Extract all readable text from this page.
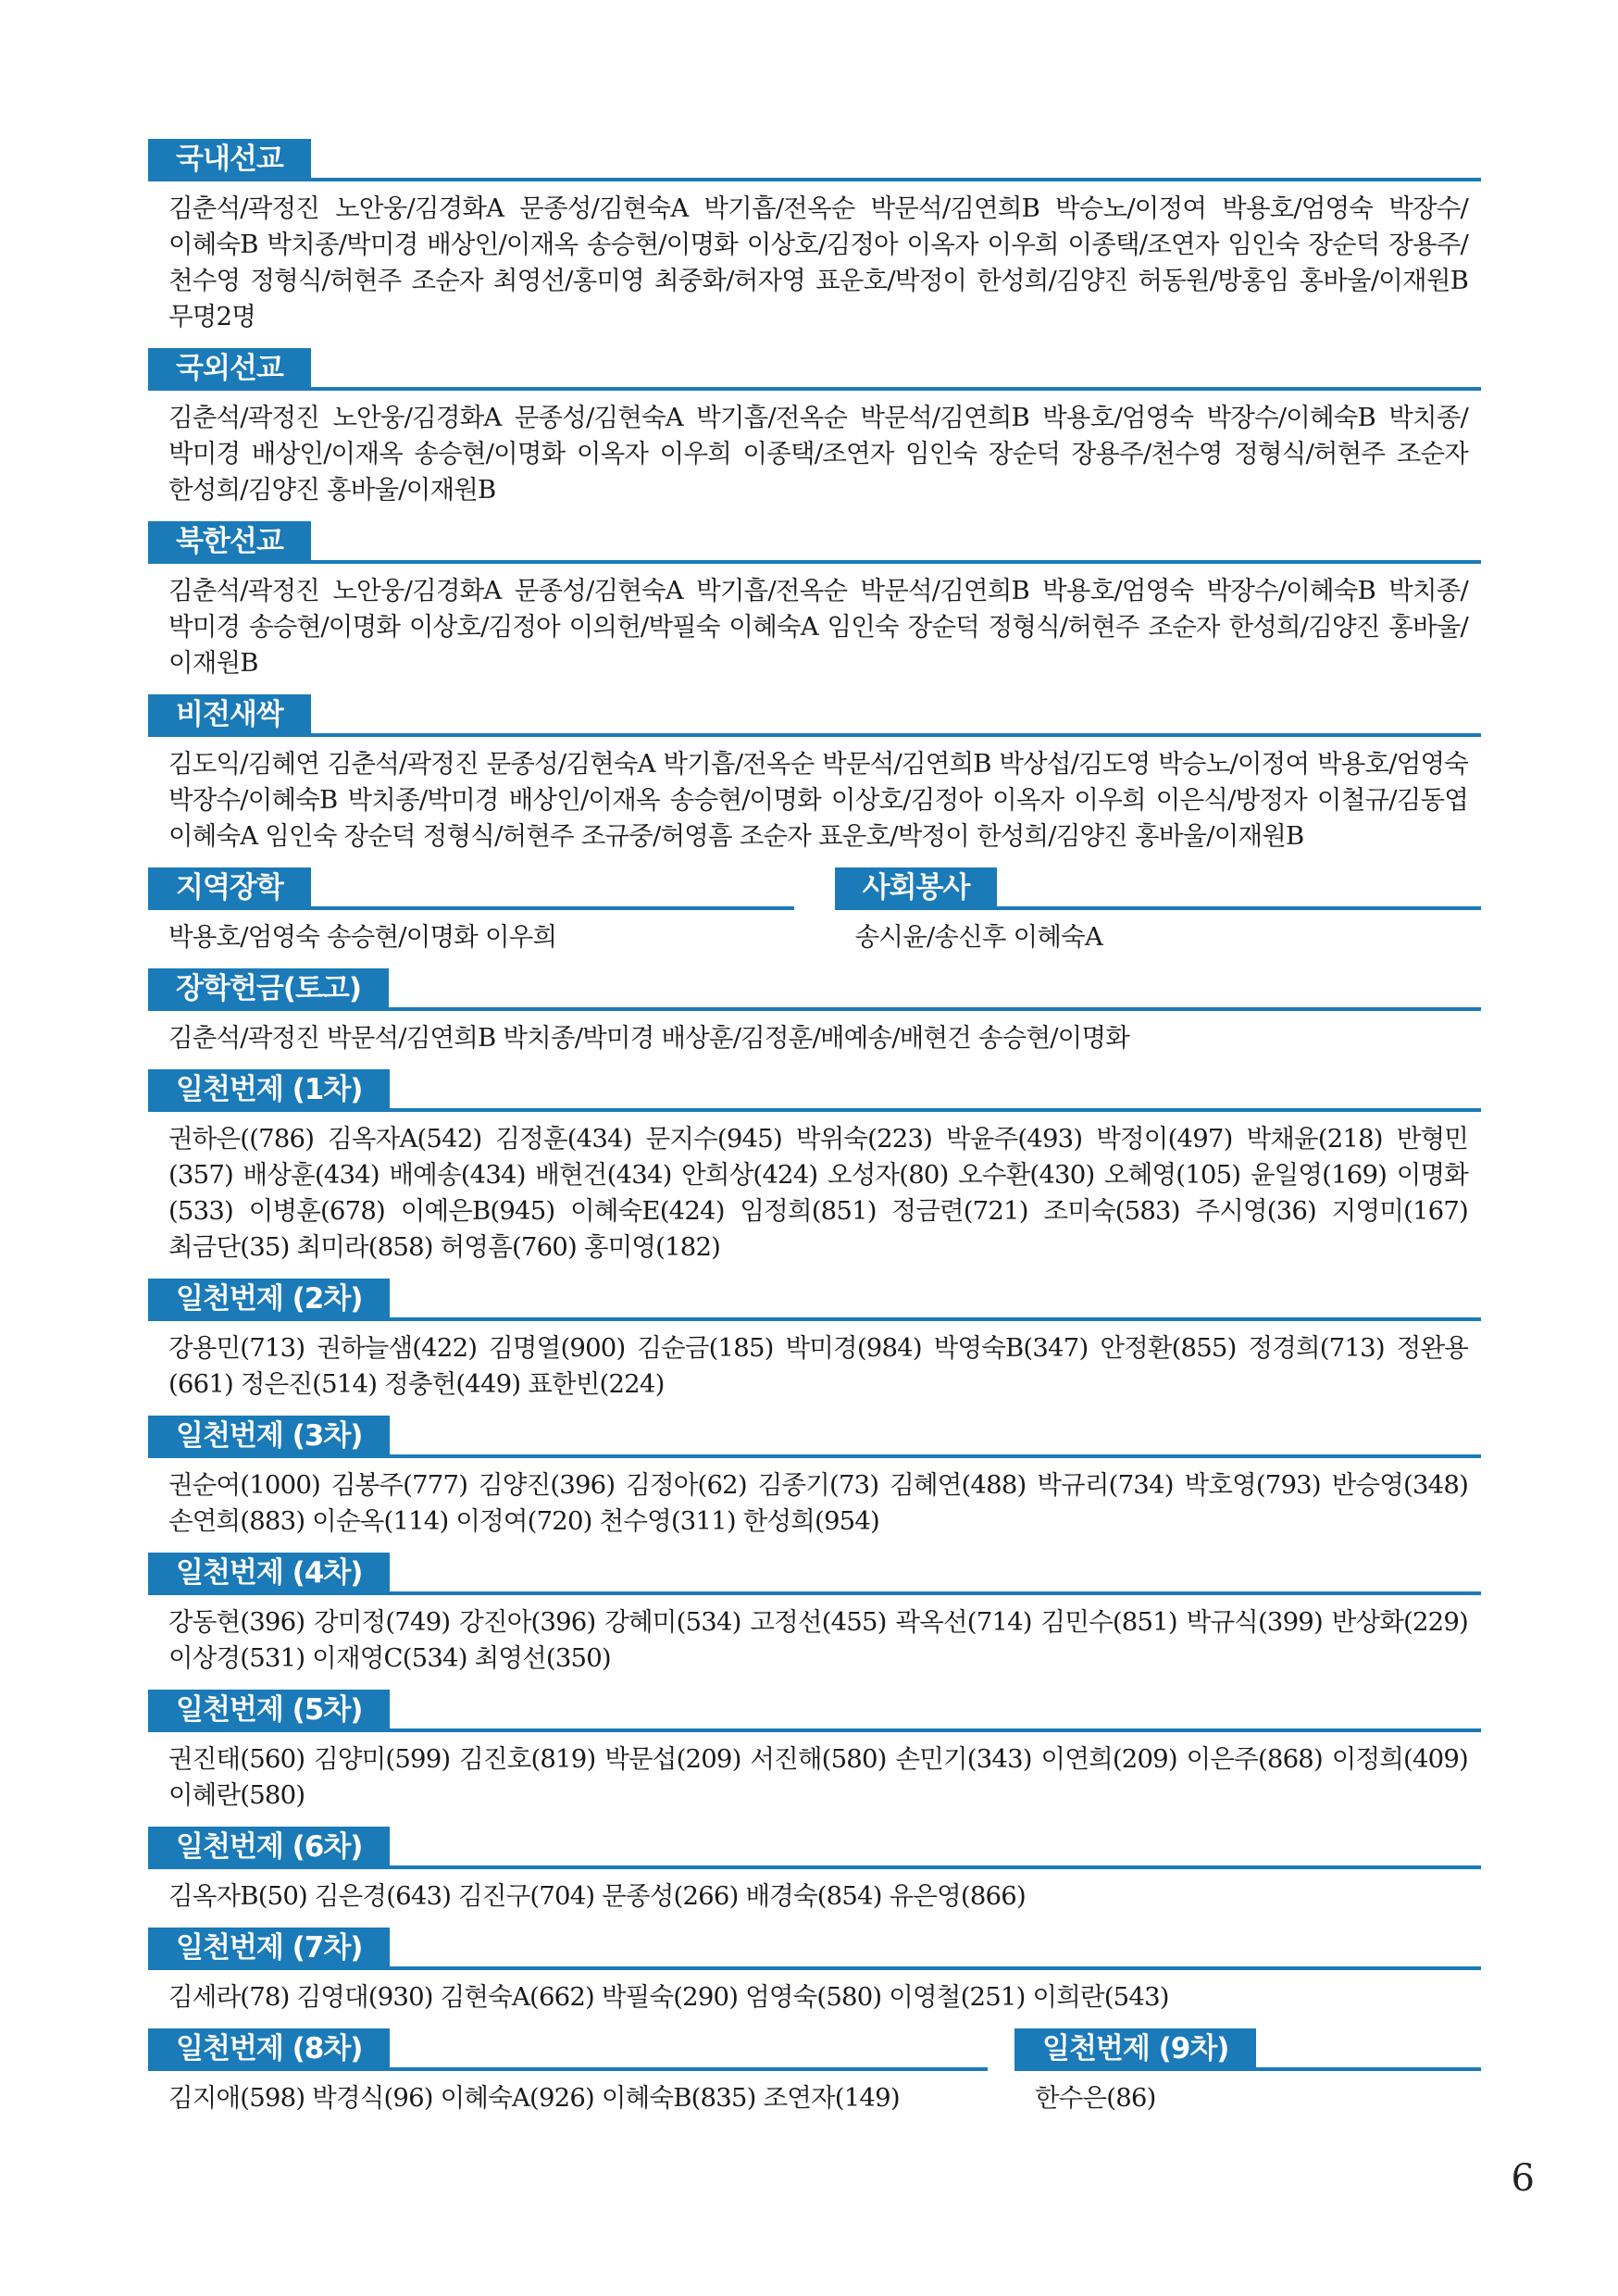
국내선교
김춘석/곽정진 노안웅/김경화A 문종성/김현숙A 박기흡/전옥순 박문석/김연희B 박승노/이정여 박용호/엄영숙 박장수/이혜숙B 박치종/박미경 배상인/이재옥 송승현/이명화 이상호/김정아 이옥자 이우희 이종택/조연자 임인숙 장순덕 장용주/천수영 정형식/허현주 조순자 최영선/홍미영 최중화/허자영 표운호/박정이 한성희/김양진 허동원/방홍임 홍바울/이재원B 무명2명
국외선교
김춘석/곽정진 노안웅/김경화A 문종성/김현숙A 박기흡/전옥순 박문석/김연희B 박용호/엄영숙 박장수/이혜숙B 박치종/박미경 배상인/이재옥 송승현/이명화 이옥자 이우희 이종택/조연자 임인숙 장순덕 장용주/천수영 정형식/허현주 조순자 한성희/김양진 홍바울/이재원B
북한선교
김춘석/곽정진 노안웅/김경화A 문종성/김현숙A 박기흡/전옥순 박문석/김연희B 박용호/엄영숙 박장수/이혜숙B 박치종/박미경 송승현/이명화 이상호/김정아 이의헌/박필숙 이혜숙A 임인숙 장순덕 정형식/허현주 조순자 한성희/김양진 홍바울/이재원B
비전새싹
김도익/김혜연 김춘석/곽정진 문종성/김현숙A 박기흡/전옥순 박문석/김연희B 박상섭/김도영 박승노/이정여 박용호/엄영숙 박장수/이혜숙B 박치종/박미경 배상인/이재옥 송승현/이명화 이상호/김정아 이옥자 이우희 이은식/방정자 이철규/김동엽 이혜숙A 임인숙 장순덕 정형식/허현주 조규중/허영흠 조순자 표운호/박정이 한성희/김양진 홍바울/이재원B
지역장학
박용호/엄영숙 송승현/이명화 이우희
사회봉사
송시윤/송신후 이혜숙A
장학헌금(토고)
김춘석/곽정진 박문석/김연희B 박치종/박미경 배상훈/김정훈/배예송/배현건 송승현/이명화
일천번제 (1차)
권하은((786) 김옥자A(542) 김정훈(434) 문지수(945) 박위숙(223) 박윤주(493) 박정이(497) 박채윤(218) 반형민(357) 배상훈(434) 배예송(434) 배현건(434) 안희상(424) 오성자(80) 오수환(430) 오혜영(105) 윤일영(169) 이명화(533) 이병훈(678) 이예은B(945) 이혜숙E(424) 임정희(851) 정금련(721) 조미숙(583) 주시영(36) 지영미(167) 최금단(35) 최미라(858) 허영흠(760) 홍미영(182)
일천번제 (2차)
강용민(713) 권하늘샘(422) 김명열(900) 김순금(185) 박미경(984) 박영숙B(347) 안정환(855) 정경희(713) 정완용(661) 정은진(514) 정충헌(449) 표한빈(224)
일천번제 (3차)
권순여(1000) 김봉주(777) 김양진(396) 김정아(62) 김종기(73) 김혜연(488) 박규리(734) 박호영(793) 반승영(348) 손연희(883) 이순옥(114) 이정여(720) 천수영(311) 한성희(954)
일천번제 (4차)
강동현(396) 강미정(749) 강진아(396) 강혜미(534) 고정선(455) 곽옥선(714) 김민수(851) 박규식(399) 반상화(229) 이상경(531) 이재영C(534) 최영선(350)
일천번제 (5차)
권진태(560) 김양미(599) 김진호(819) 박문섭(209) 서진해(580) 손민기(343) 이연희(209) 이은주(868) 이정희(409) 이혜란(580)
일천번제 (6차)
김옥자B(50) 김은경(643) 김진구(704) 문종성(266) 배경숙(854) 유은영(866)
일천번제 (7차)
김세라(78) 김영대(930) 김현숙A(662) 박필숙(290) 엄영숙(580) 이영철(251) 이희란(543)
일천번제 (8차)
김지애(598) 박경식(96) 이혜숙A(926) 이혜숙B(835) 조연자(149)
일천번제 (9차)
한수은(86)
6
